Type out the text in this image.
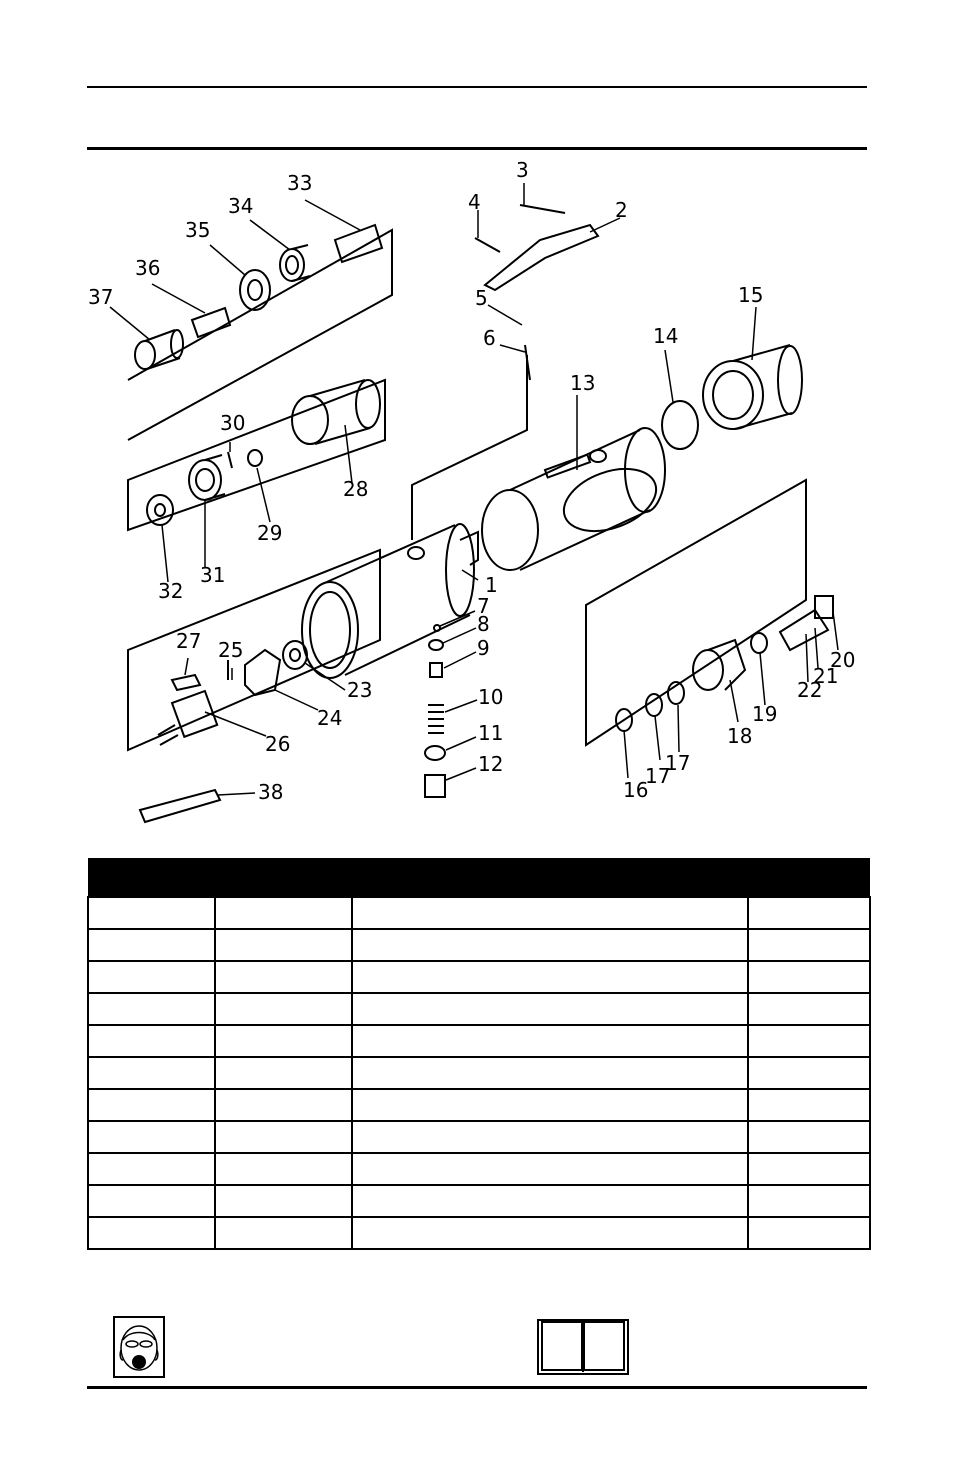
1
2
3
4
5
6
7
8
9
10
11
12
13
14
15
16
17
17
18
19
20
21
22
23
24
25
26
27
28
29
30
31
32
33
34
35
36
37
38
